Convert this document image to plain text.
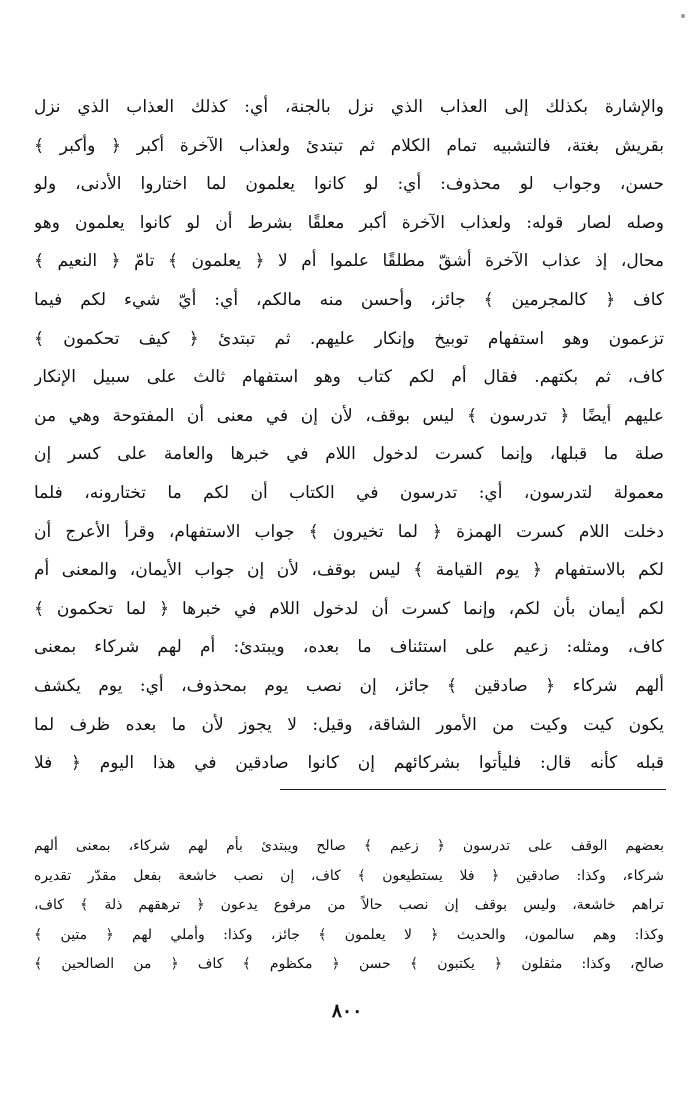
والإشارة بكذلك إلى العذاب الذي نزل بالجنة، أي: كذلك العذاب الذي نزل
بقريش بغتة، فالتشبيه تمام الكلام ثم تبتدئ ولعذاب الآخرة أكبر ﴿ وأكبر ﴾
حسن، وجواب لو محذوف: أي: لو كانوا يعلمون لما اختاروا الأدنى، ولو
وصله لصار قوله: ولعذاب الآخرة أكبر معلقًا بشرط أن لو كانوا يعلمون وهو
محال، إذ عذاب الآخرة أشقّ مطلقًا علموا أم لا ﴿ يعلمون ﴾ تامّ ﴿ النعيم ﴾
كاف ﴿ كالمجرمين ﴾ جائز، وأحسن منه مالكم، أي: أيّ شيء لكم فيما
تزعمون وهو استفهام توبيخ وإنكار عليهم. ثم تبتدئ ﴿ كيف تحكمون ﴾
كاف، ثم بكتهم. فقال أم لكم كتاب وهو استفهام ثالث على سبيل الإنكار
عليهم أيضًا ﴿ تدرسون ﴾ ليس بوقف، لأن إن في معنى أن المفتوحة وهي من
صلة ما قبلها، وإنما كسرت لدخول اللام في خبرها والعامة على كسر إن
معمولة لتدرسون، أي: تدرسون في الكتاب أن لكم ما تختارونه، فلما
دخلت اللام كسرت الهمزة ﴿ لما تخيرون ﴾ جواب الاستفهام، وقرأ الأعرج أن
لكم بالاستفهام ﴿ يوم القيامة ﴾ ليس بوقف، لأن إن جواب الأيمان، والمعنى أم
لكم أيمان بأن لكم، وإنما كسرت أن لدخول اللام في خبرها ﴿ لما تحكمون ﴾
كاف، ومثله: زعيم على استئناف ما بعده، ويبتدئ: أم لهم شركاء بمعنى
ألهم شركاء ﴿ صادقين ﴾ جائز، إن نصب يوم بمحذوف، أي: يوم يكشف
يكون كيت وكيت من الأمور الشاقة، وقيل: لا يجوز لأن ما بعده ظرف لما
قبله كأنه قال: فليأتوا بشركائهم إن كانوا صادقين في هذا اليوم ﴿ فلا
بعضهم الوقف على تدرسون ﴿ زعيم ﴾ صالح ويبتدئ بأم لهم شركاء، بمعنى ألهم
شركاء، وكذا: صادقين ﴿ فلا يستطيعون ﴾ كاف، إن نصب خاشعة بفعل مقدّر تقديره
تراهم خاشعة، وليس بوقف إن نصب حالاً من مرفوع يدعون ﴿ ترهقهم ذلة ﴾ كاف،
وكذا: وهم سالمون، والحديث ﴿ لا يعلمون ﴾ جائز، وكذا: وأملي لهم ﴿ متين ﴾
صالح، وكذا: مثقلون ﴿ يكتبون ﴾ حسن ﴿ مكظوم ﴾ كاف ﴿ من الصالحين ﴾
٨٠٠
